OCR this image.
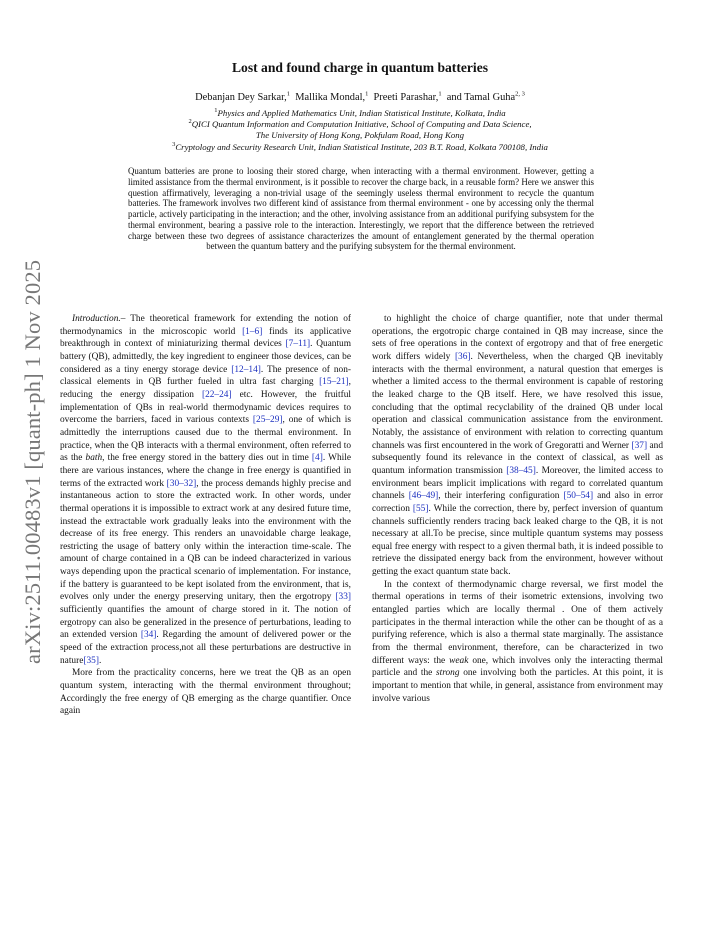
arXiv:2511.00483v1 [quant-ph] 1 Nov 2025
Lost and found charge in quantum batteries
Debanjan Dey Sarkar,$^1$ Mallika Mondal,$^1$ Preeti Parashar,$^1$ and Tamal Guha$^{2, 3}$
$^1$Physics and Applied Mathematics Unit, Indian Statistical Institute, Kolkata, India
$^2$QICI Quantum Information and Computation Initiative, School of Computing and Data Science,
The University of Hong Kong, Pokfulam Road, Hong Kong
$^3$Cryptology and Security Research Unit, Indian Statistical Institute, 203 B.T. Road, Kolkata 700108, India
Quantum batteries are prone to loosing their stored charge, when interacting with a thermal environment. However, getting a limited assistance from the thermal environment, is it possible to recover the charge back, in a reusable form? Here we answer this question affirmatively, leveraging a non-trivial usage of the seemingly useless thermal environment to recycle the quantum batteries. The framework involves two different kind of assistance from thermal environment - one by accessing only the thermal particle, actively participating in the interaction; and the other, involving assistance from an additional purifying subsystem for the thermal environment, bearing a passive role to the interaction. Interestingly, we report that the difference between the retrieved charge between these two degrees of assistance characterizes the amount of entanglement generated by the thermal operation between the quantum battery and the purifying subsystem for the thermal environment.

Introduction.– The theoretical framework for extending the notion of thermodynamics in the microscopic world [1–6] finds its applicative breakthrough in context of miniaturizing thermal devices [7–11]. Quantum battery (QB), admittedly, the key ingredient to engineer those devices, can be considered as a tiny energy storage device [12–14]. The presence of non-classical elements in QB further fueled in ultra fast charging [15–21], reducing the energy dissipation [22–24] etc. However, the fruitful implementation of QBs in real-world thermodynamic devices requires to overcome the barriers, faced in various contexts [25–29], one of which is admittedly the interruptions caused due to the thermal environment. In practice, when the QB interacts with a thermal environment, often referred to as the bath, the free energy stored in the battery dies out in time [4]. While there are various instances, where the change in free energy is quantified in terms of the extracted work [30–32], the process demands highly precise and instantaneous action to store the extracted work. In other words, under thermal operations it is impossible to extract work at any desired future time, instead the extractable work gradually leaks into the environment with the decrease of its free energy. This renders an unavoidable charge leakage, restricting the usage of battery only within the interaction time-scale. The amount of charge contained in a QB can be indeed characterized in various ways depending upon the practical scenario of implementation. For instance, if the battery is guaranteed to be kept isolated from the environment, that is, evolves only under the energy preserving unitary, then the ergotropy [33] sufficiently quantifies the amount of charge stored in it. The notion of ergotropy can also be generalized in the presence of perturbations, leading to an extended version [34]. Regarding the amount of delivered power or the speed of the extraction process,not all these perturbations are destructive in nature[35].

More from the practicality concerns, here we treat the QB as an open quantum system, interacting with the thermal environment throughout; Accordingly the free energy of QB emerging as the charge quantifier. Once again

to highlight the choice of charge quantifier, note that under thermal operations, the ergotropic charge contained in QB may increase, since the sets of free operations in the context of ergotropy and that of free energetic work differs widely [36]. Nevertheless, when the charged QB inevitably interacts with the thermal environment, a natural question that emerges is whether a limited access to the thermal environment is capable of restoring the leaked charge to the QB itself. Here, we have resolved this issue, concluding that the optimal recyclability of the drained QB under local operation and classical communication assistance from the environment. Notably, the assistance of environment with relation to correcting quantum channels was first encountered in the work of Gregoratti and Werner [37] and subsequently found its relevance in the context of classical, as well as quantum information transmission [38–45]. Moreover, the limited access to environment bears implicit implications with regard to correlated quantum channels [46–49], their interfering configuration [50–54] and also in error correction [55]. While the correction, there by, perfect inversion of quantum channels sufficiently renders tracing back leaked charge to the QB, it is not necessary at all.To be precise, since multiple quantum systems may possess equal free energy with respect to a given thermal bath, it is indeed possible to retrieve the dissipated energy back from the environment, however without getting the exact quantum state back.

In the context of thermodynamic charge reversal, we first model the thermal operations in terms of their isometric extensions, involving two entangled parties which are locally thermal . One of them actively participates in the thermal interaction while the other can be thought of as a purifying reference, which is also a thermal state marginally. The assistance from the thermal environment, therefore, can be characterized in two different ways: the weak one, which involves only the interacting thermal particle and the strong one involving both the particles. At this point, it is important to mention that while, in general, assistance from environment may involve various
